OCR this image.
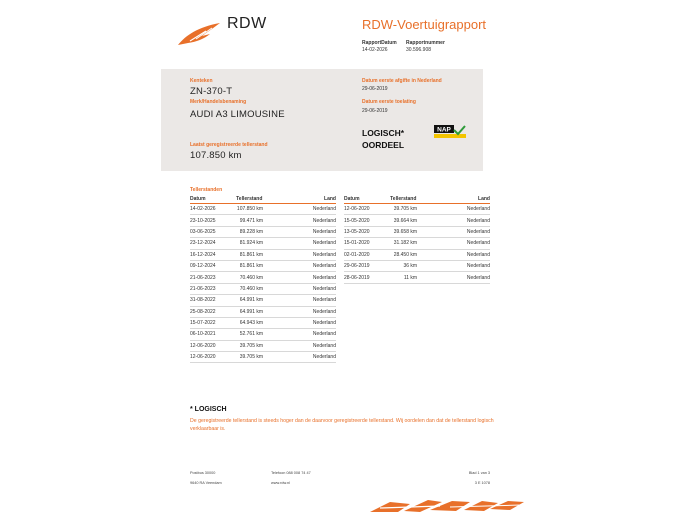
RDW	RDW-Voertuigrapport
RapportDatum
14-02-2026
Rapportnummer
30.596.908
Kenteken
ZN-370-T
Merk/Handelsbenaming
AUDI A3 LIMOUSINE
Laatst geregistreerde tellerstand
107.850 km
Datum eerste afgifte in Nederland
29-06-2019
Datum eerste toelating
29-06-2019
LOGISCH*
OORDEEL
NAP
Tellerstanden
Datum	Tellerstand	Land
14-02-2026	107.850 km	Nederland
23-10-2025	99.471 km	Nederland
03-06-2025	89.228 km	Nederland
23-12-2024	81.924 km	Nederland
16-12-2024	81.861 km	Nederland
09-12-2024	81.861 km	Nederland
21-06-2023	70.460 km	Nederland
21-06-2023	70.460 km	Nederland
31-08-2022	64.991 km	Nederland
25-08-2022	64.991 km	Nederland
15-07-2022	64.943 km	Nederland
06-10-2021	52.761 km	Nederland
12-06-2020	39.705 km	Nederland
12-06-2020	39.705 km	Nederland
Datum	Tellerstand	Land
12-06-2020	39.705 km	Nederland
15-05-2020	39.664 km	Nederland
13-05-2020	39.658 km	Nederland
15-01-2020	31.182 km	Nederland
02-01-2020	28.450 km	Nederland
29-06-2019	36 km	Nederland
28-06-2019	11 km	Nederland
* LOGISCH
De geregistreerde tellerstand is steeds hoger dan de daarvoor geregistreerde tellerstand. Wij oordelen dan dat de tellerstand logisch verklaarbaar is.
Postbus 30000
9640 RA Veendam
Telefoon 088 008 74 47
www.rdw.nl
Blad 1 van 3
3 E 1078
